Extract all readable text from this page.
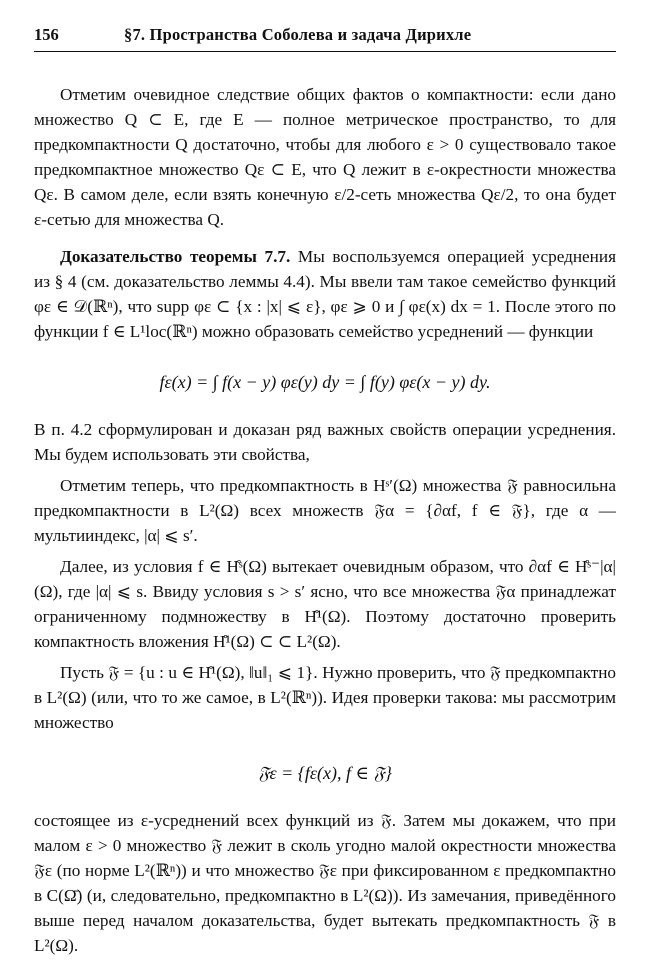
156	§7. Пространства Соболева и задача Дирихле

Отметим очевидное следствие общих фактов о компактности: если дано множество Q ⊂ E, где E — полное метрическое пространство, то для предкомпактности Q достаточно, чтобы для любого ε > 0 существовало такое предкомпактное множество Qε ⊂ E, что Q лежит в ε-окрестности множества Qε. В самом деле, если взять конечную ε/2-сеть множества Qε/2, то она будет ε-сетью для множества Q.

Доказательство теоремы 7.7. Мы воспользуемся операцией усреднения из § 4 (см. доказательство леммы 4.4). Мы ввели там такое семейство функций φε ∈ 𝒟(ℝⁿ), что supp φε ⊂ {x : |x| ⩽ ε}, φε ⩾ 0 и ∫ φε(x) dx = 1. После этого по функции f ∈ L¹loc(ℝⁿ) можно образовать семейство усреднений — функции

fε(x) = ∫ f(x − y) φε(y) dy = ∫ f(y) φε(x − y) dy.

В п. 4.2 сформулирован и доказан ряд важных свойств операции усреднения. Мы будем использовать эти свойства,

Отметим теперь, что предкомпактность в Hˢ′(Ω) множества 𝔉 равносильна предкомпактности в L²(Ω) всех множеств 𝔉α = {∂αf, f ∈ 𝔉}, где α — мультииндекс, |α| ⩽ s′.

Далее, из условия f ∈ H̊ˢ(Ω) вытекает очевидным образом, что ∂αf ∈ H̊ˢ⁻|α|(Ω), где |α| ⩽ s. Ввиду условия s > s′ ясно, что все множества 𝔉α принадлежат ограниченному подмножеству в H̊¹(Ω). Поэтому достаточно проверить компактность вложения H̊¹(Ω) ⊂ ⊂ L²(Ω).

Пусть 𝔉 = {u : u ∈ H̊¹(Ω), ‖u‖₁ ⩽ 1}. Нужно проверить, что 𝔉 предкомпактно в L²(Ω) (или, что то же самое, в L²(ℝⁿ)). Идея проверки такова: мы рассмотрим множество

𝔉ε = {fε(x), f ∈ 𝔉}

состоящее из ε-усреднений всех функций из 𝔉. Затем мы докажем, что при малом ε > 0 множество 𝔉 лежит в сколь угодно малой окрестности множества 𝔉ε (по норме L²(ℝⁿ)) и что множество 𝔉ε при фиксированном ε предкомпактно в C(Ω̄) (и, следовательно, предкомпактно в L²(Ω)). Из замечания, приведённого выше перед началом доказательства, будет вытекать предкомпактность 𝔉 в L²(Ω).
